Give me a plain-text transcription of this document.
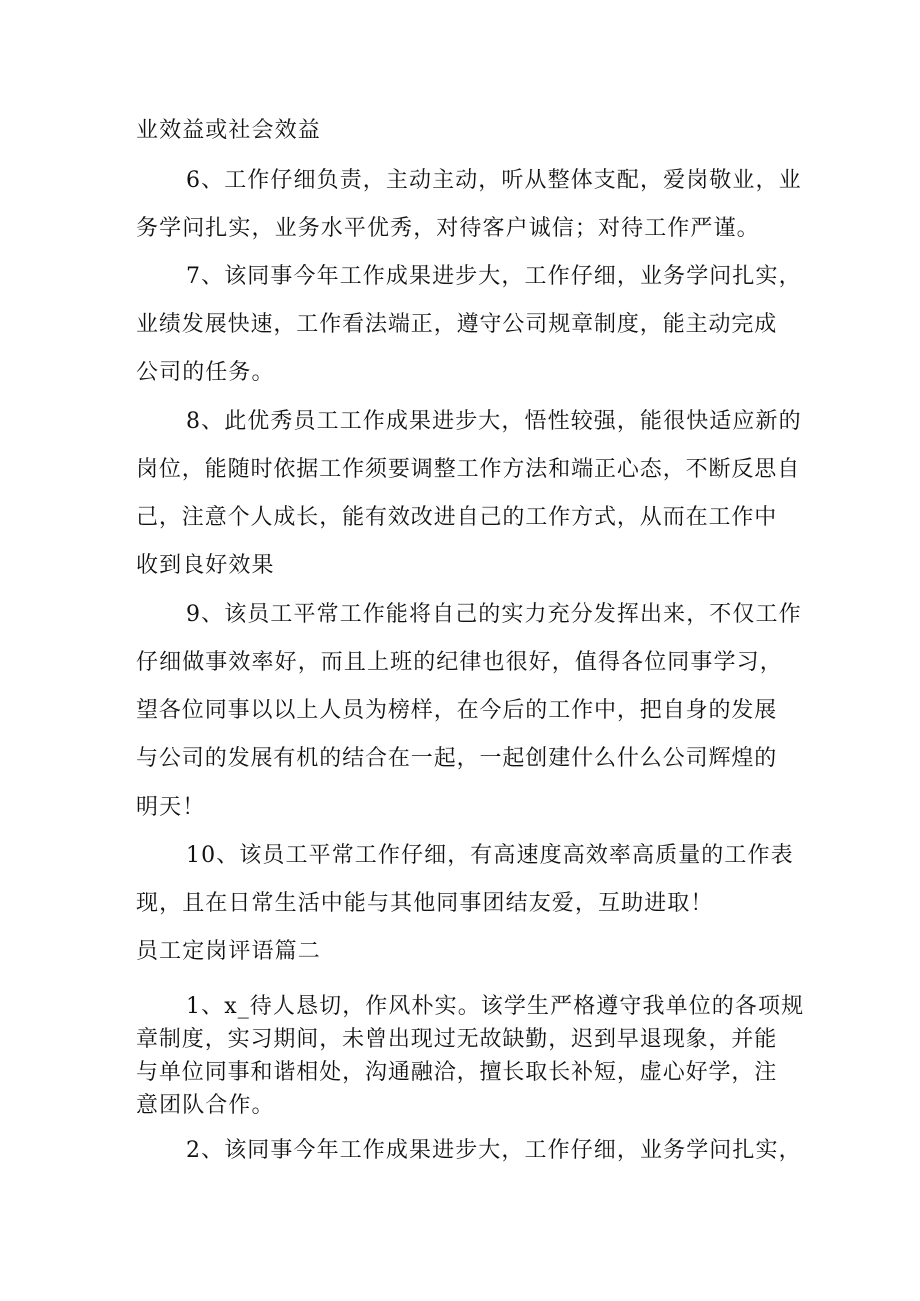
业效益或社会效益
6、工作仔细负责，主动主动，听从整体支配，爱岗敬业，业
务学问扎实，业务水平优秀，对待客户诚信；对待工作严谨。
7、该同事今年工作成果进步大，工作仔细，业务学问扎实，
业绩发展快速，工作看法端正，遵守公司规章制度，能主动完成
公司的任务。
8、此优秀员工工作成果进步大，悟性较强，能很快适应新的
岗位，能随时依据工作须要调整工作方法和端正心态，不断反思自
己，注意个人成长，能有效改进自己的工作方式，从而在工作中
收到良好效果
9、该员工平常工作能将自己的实力充分发挥出来，不仅工作
仔细做事效率好，而且上班的纪律也很好，值得各位同事学习，
望各位同事以以上人员为榜样，在今后的工作中，把自身的发展
与公司的发展有机的结合在一起，一起创建什么什么公司辉煌的
明天！
10、该员工平常工作仔细，有高速度高效率高质量的工作表
现，且在日常生活中能与其他同事团结友爱，互助进取！
员工定岗评语篇二
1、x_待人恳切，作风朴实。该学生严格遵守我单位的各项规
章制度，实习期间，未曾出现过无故缺勤，迟到早退现象，并能
与单位同事和谐相处，沟通融洽，擅长取长补短，虚心好学，注
意团队合作。
2、该同事今年工作成果进步大，工作仔细，业务学问扎实，
